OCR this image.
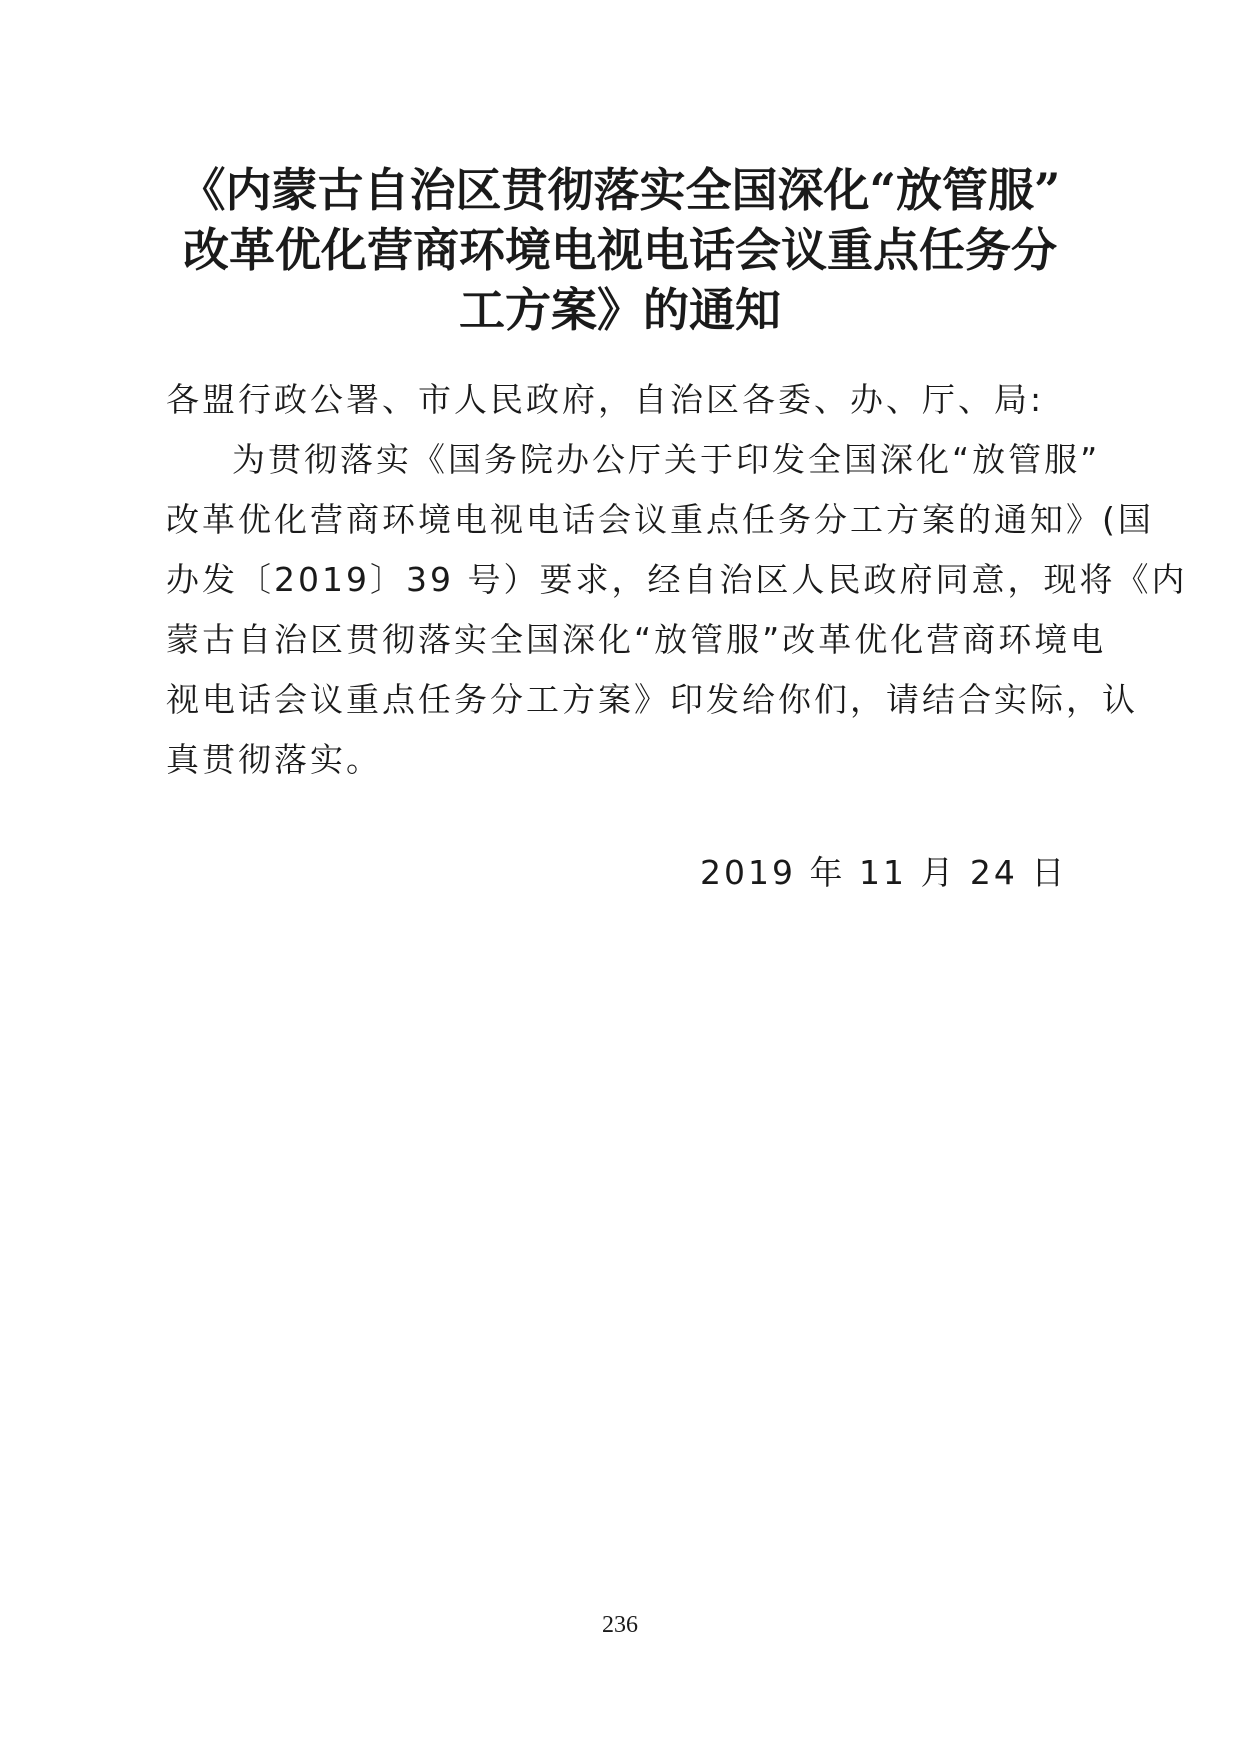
《内蒙古自治区贯彻落实全国深化“放管服”
改革优化营商环境电视电话会议重点任务分
工方案》的通知
各盟行政公署、市人民政府，自治区各委、办、厅、局:
为贯彻落实《国务院办公厅关于印发全国深化“放管服”
改革优化营商环境电视电话会议重点任务分工方案的通知》(国
办发〔2019〕39 号）要求，经自治区人民政府同意，现将《内
蒙古自治区贯彻落实全国深化“放管服”改革优化营商环境电
视电话会议重点任务分工方案》印发给你们，请结合实际，认
真贯彻落实。
2019 年 11 月 24 日
236
